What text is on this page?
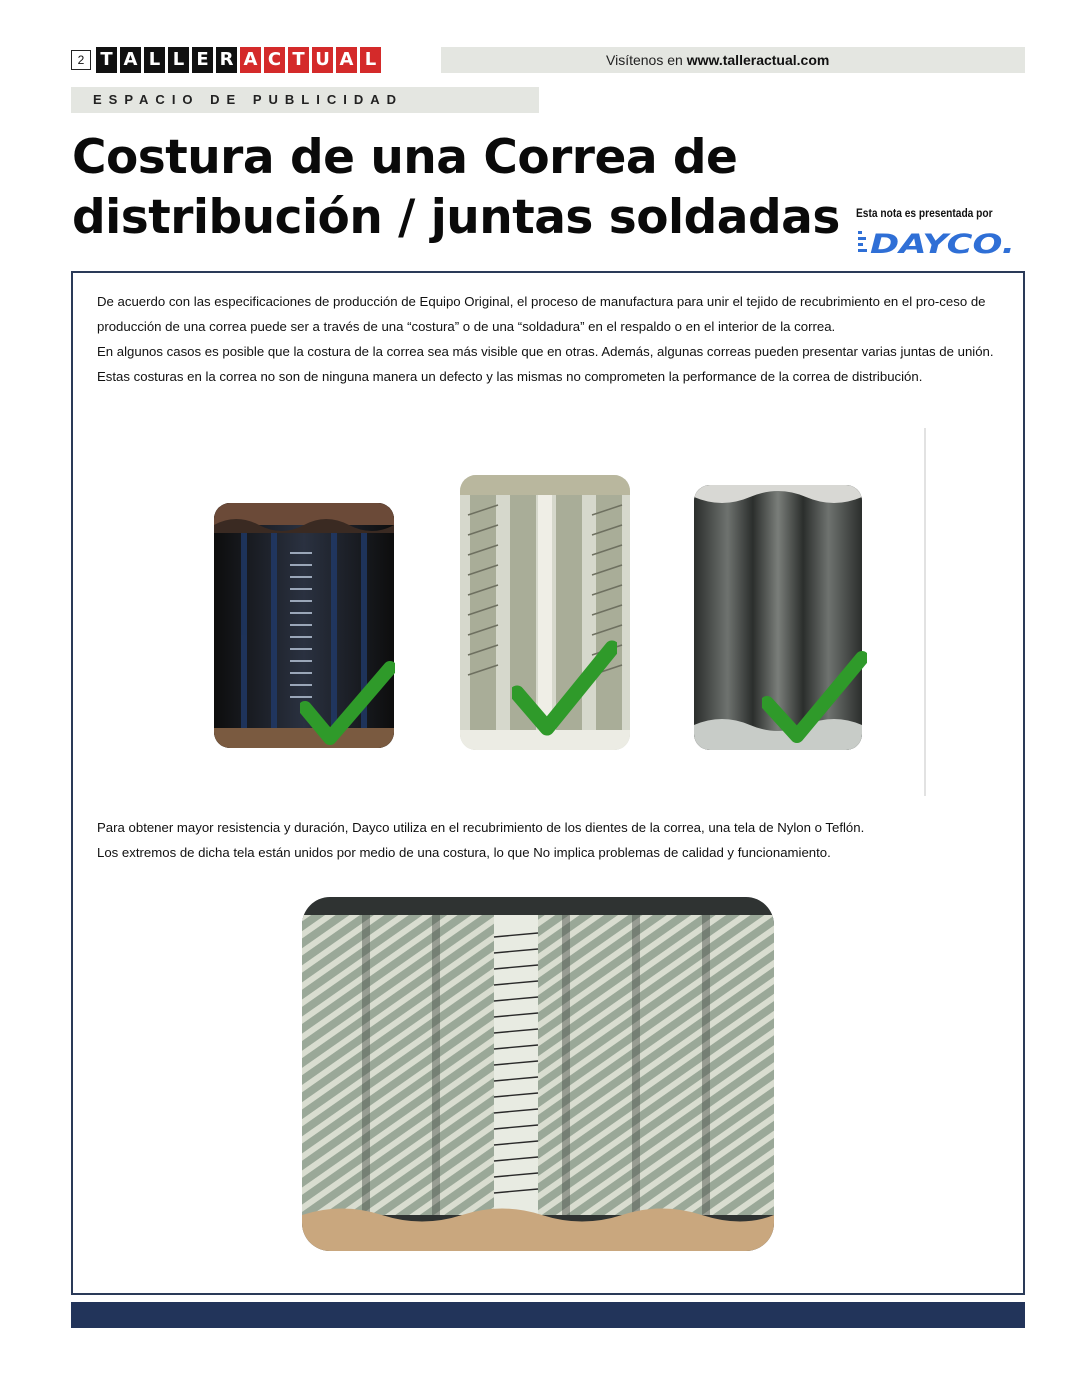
2 T A L L E R A C T U A L	Visítenos en www.talleractual.com
ESPACIO DE PUBLICIDAD
Costura de una Correa de
distribución / juntas soldadas	Esta nota es presentada por
DAYCO.

De acuerdo con las especificaciones de producción de Equipo Original, el proceso de manufactura para unir el tejido de recubrimiento en el pro-ceso de producción de una correa puede ser a través de una “costura” o de una “soldadura” en el respaldo o en el interior de la correa.

En algunos casos es posible que la costura de la correa sea más visible que en otras. Además, algunas correas pueden presentar varias juntas de unión.

Estas costuras en la correa no son de ninguna manera un defecto y las mismas no comprometen la performance de la correa de distribución.

Para obtener mayor resistencia y duración, Dayco utiliza en el recubrimiento de los dientes de la correa, una tela de Nylon o Teflón.

Los extremos de dicha tela están unidos por medio de una costura, lo que No implica problemas de calidad y funcionamiento.
